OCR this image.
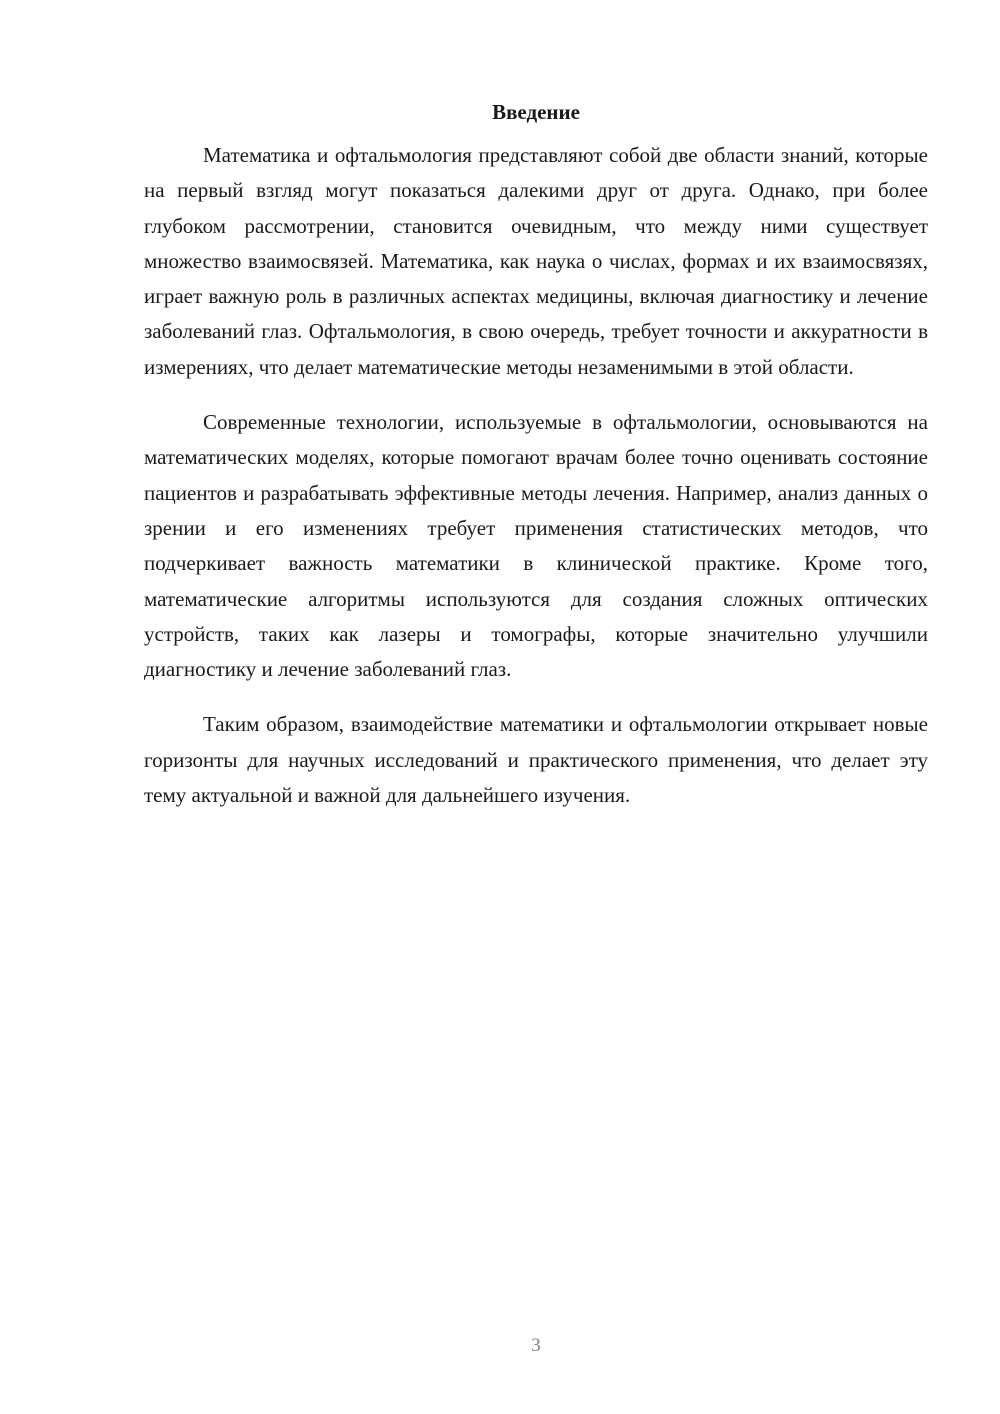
Введение

Математика и офтальмология представляют собой две области знаний, которые на первый взгляд могут показаться далекими друг от друга. Однако, при более глубоком рассмотрении, становится очевидным, что между ними существует множество взаимосвязей. Математика, как наука о числах, формах и их взаимосвязях, играет важную роль в различных аспектах медицины, включая диагностику и лечение заболеваний глаз. Офтальмология, в свою очередь, требует точности и аккуратности в измерениях, что делает математические методы незаменимыми в этой области.

Современные технологии, используемые в офтальмологии, основываются на математических моделях, которые помогают врачам более точно оценивать состояние пациентов и разрабатывать эффективные методы лечения. Например, анализ данных о зрении и его изменениях требует применения статистических методов, что подчеркивает важность математики в клинической практике. Кроме того, математические алгоритмы используются для создания сложных оптических устройств, таких как лазеры и томографы, которые значительно улучшили диагностику и лечение заболеваний глаз.

Таким образом, взаимодействие математики и офтальмологии открывает новые горизонты для научных исследований и практического применения, что делает эту тему актуальной и важной для дальнейшего изучения.

3
